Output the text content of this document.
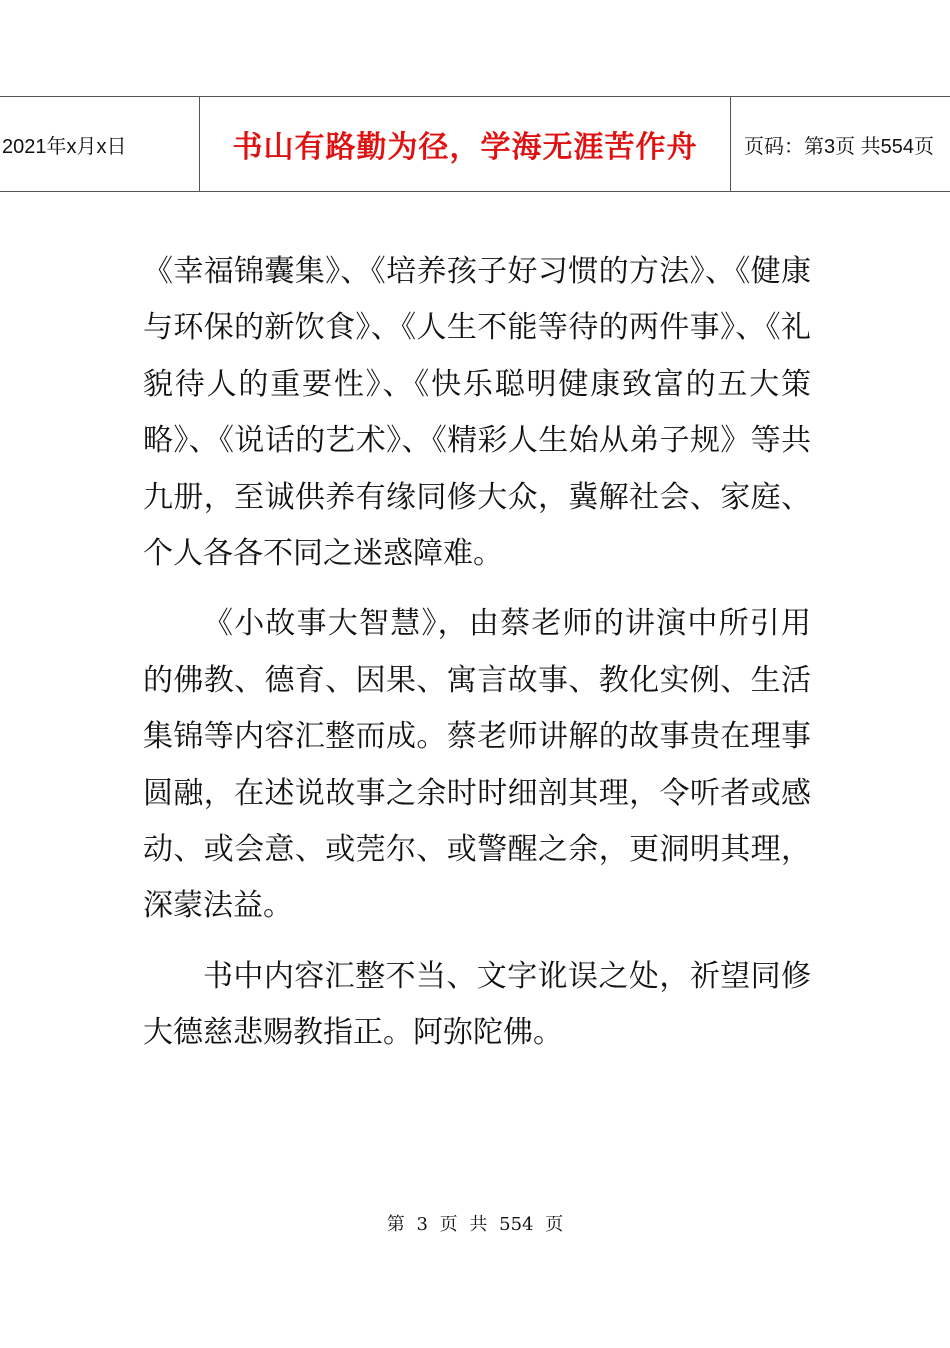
2021年x月x日	书山有路勤为径，学海无涯苦作舟	页码：第3页 共554页

《幸福锦囊集》、《培养孩子好习惯的方法》、《健康与环保的新饮食》、《人生不能等待的两件事》、《礼貌待人的重要性》、《快乐聪明健康致富的五大策略》、《说话的艺术》、《精彩人生始从弟子规》等共九册，至诚供养有缘同修大众，冀解社会、家庭、个人各各不同之迷惑障难。

《小故事大智慧》，由蔡老师的讲演中所引用的佛教、德育、因果、寓言故事、教化实例、生活集锦等内容汇整而成。蔡老师讲解的故事贵在理事圆融，在述说故事之余时时细剖其理，令听者或感动、或会意、或莞尔、或警醒之余，更洞明其理，深蒙法益。

书中内容汇整不当、文字讹误之处，祈望同修大德慈悲赐教指正。阿弥陀佛。

第 3 页 共 554 页
